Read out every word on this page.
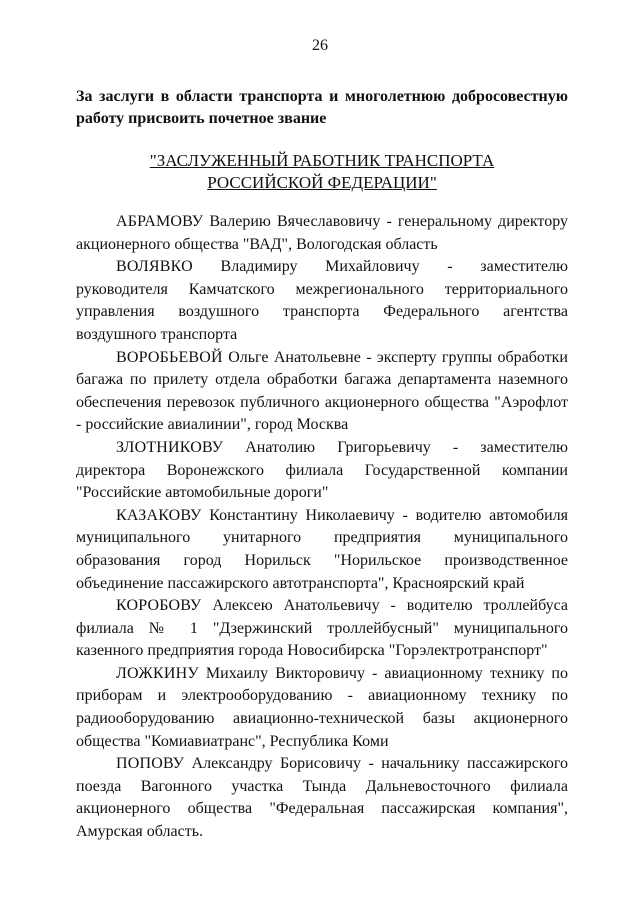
26
За заслуги в области транспорта и многолетнюю добросовестную работу присвоить почетное звание
"ЗАСЛУЖЕННЫЙ РАБОТНИК ТРАНСПОРТА
РОССИЙСКОЙ ФЕДЕРАЦИИ"

АБРАМОВУ Валерию Вячеславовичу - генеральному директору акционерного общества "ВАД", Вологодская область

ВОЛЯВКО Владимиру Михайловичу - заместителю руководителя Камчатского межрегионального территориального управления воздушного транспорта Федерального агентства воздушного транспорта

ВОРОБЬЕВОЙ Ольге Анатольевне - эксперту группы обработки багажа по прилету отдела обработки багажа департамента наземного обеспечения перевозок публичного акционерного общества "Аэрофлот - российские авиалинии", город Москва

ЗЛОТНИКОВУ Анатолию Григорьевичу - заместителю директора Воронежского филиала Государственной компании "Российские автомобильные дороги"

КАЗАКОВУ Константину Николаевичу - водителю автомобиля муниципального унитарного предприятия муниципального образования город Норильск "Норильское производственное объединение пассажирского автотранспорта", Красноярский край

КОРОБОВУ Алексею Анатольевичу - водителю троллейбуса филиала № 1 "Дзержинский троллейбусный" муниципального казенного предприятия города Новосибирска "Горэлектротранспорт"

ЛОЖКИНУ Михаилу Викторовичу - авиационному технику по приборам и электрооборудованию - авиационному технику по радиооборудованию авиационно-технической базы акционерного общества "Комиавиатранс", Республика Коми

ПОПОВУ Александру Борисовичу - начальнику пассажирского поезда Вагонного участка Тында Дальневосточного филиала акционерного общества "Федеральная пассажирская компания", Амурская область.
